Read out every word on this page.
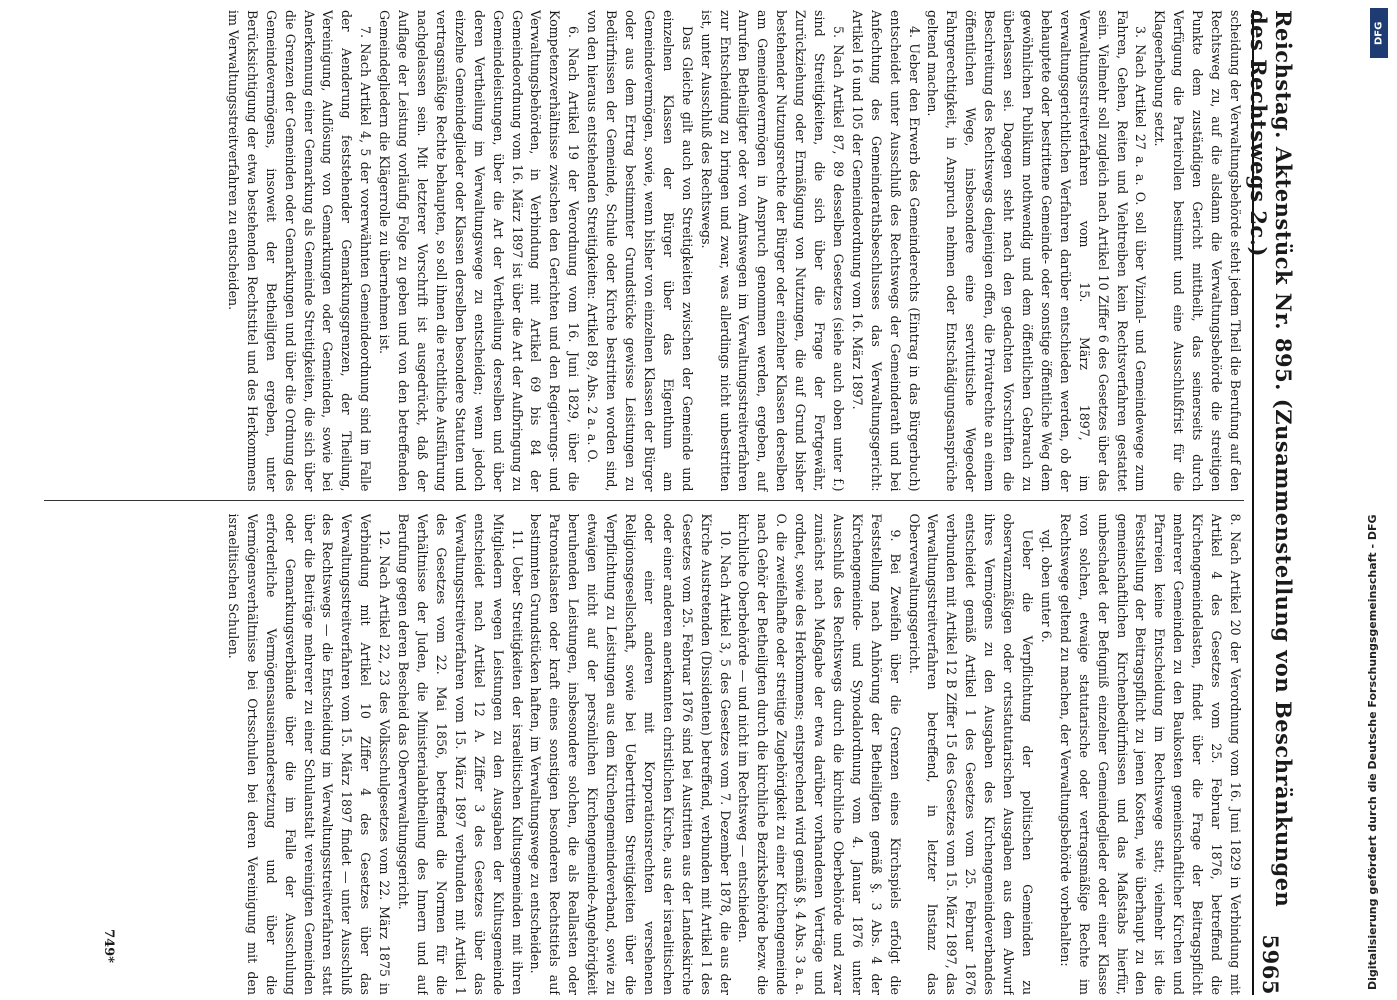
Reichstag. Aktenstück Nr. 895. (Zusammenstellung von Beschränkungen des Rechtswegs 2c.)
5965

scheidung der Verwaltungsbehörde steht jedem Theil die Berufung auf den Rechtsweg zu, auf die alsdann die Verwaltungsbehörde die streitigen Punkte dem zuständigen Gericht mittheilt, das seinerseits durch Verfügung die Parteirollen bestimmt und eine Ausschlußfrist für die Klageerhebung setzt.

3. Nach Artikel 27 a. a. O. soll über Vizinal- und Gemeindewege zum Fahren, Gehen, Reiten und Viehtreiben kein Rechtsverfahren gestattet sein. Vielmehr soll zugleich nach Artikel 10 Ziffer 6 des Gesetzes über das Verwaltungsstreitverfahren vom 15. März 1897, im verwaltungsgerichtlichen Verfahren darüber entschieden werden, ob der behauptete oder bestrittene Gemeinde- oder sonstige öffentliche Weg dem gewöhnlichen Publikum nothwendig und dem öffentlichen Gebrauch zu überlassen sei. Dagegen steht nach den gedachten Vorschriften die Beschreitung des Rechtswegs denjenigen offen, die Privatrechte an einem öffentlichen Wege, insbesondere eine servitutische Wegeoder Fahrgerechtigkeit, in Anspruch nehmen oder Entschädigungsansprüche geltend machen.

4. Ueber den Erwerb des Gemeinderechts (Eintrag in das Bürgerbuch) entscheidet unter Ausschluß des Rechtswegs der Gemeinderath und bei Anfechtung des Gemeinderathsbeschlusses das Verwaltungsgericht: Artikel 16 und 105 der Gemeindeordnung vom 16. März 1897.

5. Nach Artikel 87, 89 desselben Gesetzes (siehe auch oben unter f.) sind Streitigkeiten, die sich über die Frage der Fortgewähr, Zurückziehung oder Ermäßigung von Nutzungen, die auf Grund bisher bestehender Nutzungsrechte der Bürger oder einzelner Klassen derselben am Gemeindevermögen in Anspruch genommen werden, ergeben, auf Anrufen Betheiligter oder von Amtswegen im Verwaltungsstreitverfahren zur Entscheidung zu bringen und zwar, was allerdings nicht unbestritten ist, unter Ausschluß des Rechtswegs.

Das Gleiche gilt auch von Streitigkeiten zwischen der Gemeinde und einzelnen Klassen der Bürger über das Eigenthum am Gemeindevermögen, sowie, wenn bisher von einzelnen Klassen der Bürger oder aus dem Ertrag bestimmter Grundstücke gewisse Leistungen zu Bedürfnissen der Gemeinde, Schule oder Kirche bestritten worden sind, von den hieraus entstehenden Streitigkeiten: Artikel 89, Abs. 2 a. a. O.

6. Nach Artikel 19 der Verordnung vom 16. Juni 1829, über die Kompetenzverhältnisse zwischen den Gerichten und den Regierungs- und Verwaltungsbehörden, in Verbindung mit Artikel 69 bis 84 der Gemeindeordnung vom 16. März 1897 ist über die Art der Aufbringung zu Gemeindeleistungen, über die Art der Vertheilung derselben und über deren Vertheilung im Verwaltungswege zu entscheiden; wenn jedoch einzelne Gemeindeglieder oder Klassen derselben besondere Statuten und vertragsmäßige Rechte behaupten, so soll ihnen die rechtliche Ausführung nachgelassen sein. Mit letzterer Vorschrift ist ausgedrückt, daß der Auflage der Leistung vorläufig Folge zu geben und von den betreffenden Gemeindegliedern die Klägerrolle zu übernehmen ist.

7. Nach Artikel 4, 5 der vorerwähnten Gemeindeordnung sind im Falle der Aenderung feststehender Gemarkungsgrenzen, der Theilung, Vereinigung, Auflösung von Gemarkungen oder Gemeinden, sowie bei Anerkennung einer Gemarkung als Gemeinde Streitigkeiten, die sich über die Grenzen der Gemeinden oder Gemarkungen und über die Ordnung des Gemeindevermögens, insoweit der Betheiligten ergeben, unter Berücksichtigung der etwa bestehenden Rechtstitel und des Herkommens im Verwaltungsstreitverfahren zu entscheiden.

8. Nach Artikel 20 der Verordnung vom 16. Juni 1829 in Verbindung mit Artikel 4 des Gesetzes vom 25. Februar 1876, betreffend die Kirchengemeindelasten, findet über die Frage der Beitragspflicht mehrerer Gemeinden zu den Baukosten gemeinschaftlicher Kirchen und Pfarreien keine Entscheidung im Rechtswege statt; vielmehr ist die Feststellung der Beitragspflicht zu jenen Kosten, wie überhaupt zu den gemeinschaftlichen Kirchenbedürfnissen und das Maßstabs hierfür, unbeschadet der Befugniß einzelner Gemeindeglieder oder einer Klasse von solchen, etwaige statutarische oder vertragsmäßige Rechte im Rechtswege geltend zu machen, der Verwaltungsbehörde vorbehalten:

vgl. oben unter 6.

Ueber die Verpflichtung der politischen Gemeinden zu observanzmäßigen oder ortsstatutarischen Ausgaben aus dem Abwurf ihres Vermögens zu den Ausgaben des Kirchengemeindeverbandes entscheidet gemäß Artikel 1 des Gesetzes vom 25. Februar 1876 verbunden mit Artikel 12 B Ziffer 15 des Gesetzes vom 15. März 1897, das Verwaltungsstreitverfahren betreffend, in letzter Instanz das Oberverwaltungsgericht.

9. Bei Zweifeln über die Grenzen eines Kirchspiels erfolgt die Feststellung nach Anhörung der Betheiligten gemäß §. 3 Abs. 4 der Kirchengemeinde- und Synodalordnung vom 4. Januar 1876 unter Ausschluß des Rechtswegs durch die kirchliche Oberbehörde und zwar zunächst nach Maßgabe der etwa darüber vorhandenen Verträge und ordnet, sowie des Herkommens; entsprechend wird gemäß §. 4 Abs. 3 a. a. O. die zweifelhafte oder streitige Zugehörigkeit zu einer Kirchengemeinde nach Gehör der Betheiligten durch die kirchliche Bezirksbehörde bezw. die kirchliche Oberbehörde — und nicht im Rechtsweg — entschieden.

10. Nach Artikel 3, 5 des Gesetzes vom 7. Dezember 1878, die aus der Kirche Austretenden (Dissidenten) betreffend, verbunden mit Artikel 1 des Gesetzes vom 25. Februar 1876 sind bei Austritten aus der Landeskirche oder einer anderen anerkannten christlichen Kirche, aus der israelitischen oder einer anderen mit Korporationsrechten versehenen Religionsgesellschaft, sowie bei Uebertritten Streitigkeiten über die Verpflichtung zu Leistungen aus dem Kirchengemeindeverband, sowie zu etwaigen nicht auf der persönlichen Kirchengemeinde-Angehörigkeit beruhenden Leistungen, insbesondere solchen, die als Reallasten oder Patronatslasten oder kraft eines sonstigen besonderen Rechtstitels auf bestimmten Grundstücken haften, im Verwaltungswege zu entscheiden.

11. Ueber Streitigkeiten der israelitischen Kultusgemeinden mit ihren Mitgliedern wegen Leistungen zu den Ausgaben der Kultusgemeinde entscheidet nach Artikel 12 A. Ziffer 3 des Gesetzes über das Verwaltungsstreitverfahren vom 15. März 1897 verbunden mit Artikel 1 des Gesetzes vom 22. Mai 1856, betreffend die Normen für die Verhältnisse der Juden, die Ministerialabtheilung des Innern und auf Berufung gegen deren Bescheid das Oberverwaltungsgericht.

12. Nach Artikel 22, 23 des Volksschulgesetzes vom 22. März 1875 in Verbindung mit Artikel 10 Ziffer 4 des Gesetzes über das Verwaltungsstreitverfahren vom 15. März 1897 findet — unter Ausschluß des Rechtswegs — die Entscheidung im Verwaltungsstreitverfahren statt über die Beiträge mehrerer zu einer Schulanstalt vereinigten Gemeinden oder Gemarkungsverbände über die im Falle der Ausschulung erforderliche Vermögensauseinandersetzung und über die Vermögensverhältnisse bei Ortsschulen bei deren Vereinigung mit den israelitischen Schulen.

749*
DFG
Digitalisierung gefördert durch die Deutsche Forschungsgemeinschaft - DFG
